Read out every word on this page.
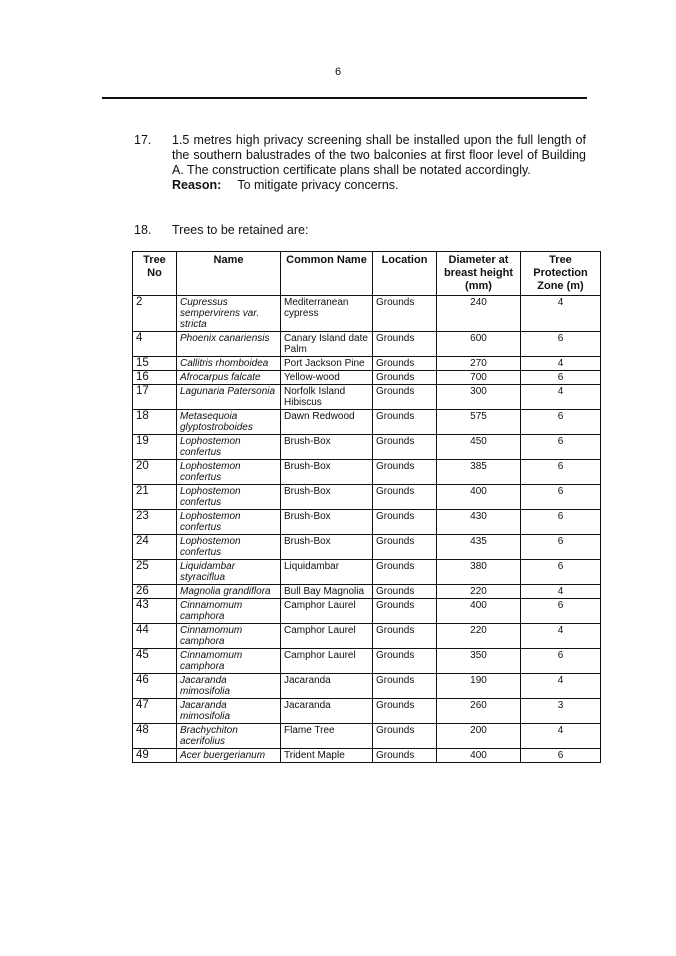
6
17. 1.5 metres high privacy screening shall be installed upon the full length of the southern balustrades of the two balconies at first floor level of Building A. The construction certificate plans shall be notated accordingly.
Reason: To mitigate privacy concerns.
18. Trees to be retained are:
Tree No	Name	Common Name	Location	Diameter at breast height (mm)	Tree Protection Zone (m)
2	Cupressus sempervirens var. stricta	Mediterranean cypress	Grounds	240	4
4	Phoenix canariensis	Canary Island date Palm	Grounds	600	6
15	Callitris rhomboidea	Port Jackson Pine	Grounds	270	4
16	Afrocarpus falcate	Yellow-wood	Grounds	700	6
17	Lagunaria Patersonia	Norfolk Island Hibiscus	Grounds	300	4
18	Metasequoia glyptostroboides	Dawn Redwood	Grounds	575	6
19	Lophostemon confertus	Brush-Box	Grounds	450	6
20	Lophostemon confertus	Brush-Box	Grounds	385	6
21	Lophostemon confertus	Brush-Box	Grounds	400	6
23	Lophostemon confertus	Brush-Box	Grounds	430	6
24	Lophostemon confertus	Brush-Box	Grounds	435	6
25	Liquidambar styraciflua	Liquidambar	Grounds	380	6
26	Magnolia grandiflora	Bull Bay Magnolia	Grounds	220	4
43	Cinnamomum camphora	Camphor Laurel	Grounds	400	6
44	Cinnamomum camphora	Camphor Laurel	Grounds	220	4
45	Cinnamomum camphora	Camphor Laurel	Grounds	350	6
46	Jacaranda mimosifolia	Jacaranda	Grounds	190	4
47	Jacaranda mimosifolia	Jacaranda	Grounds	260	3
48	Brachychiton acerifolius	Flame Tree	Grounds	200	4
49	Acer buergerianum	Trident Maple	Grounds	400	6
